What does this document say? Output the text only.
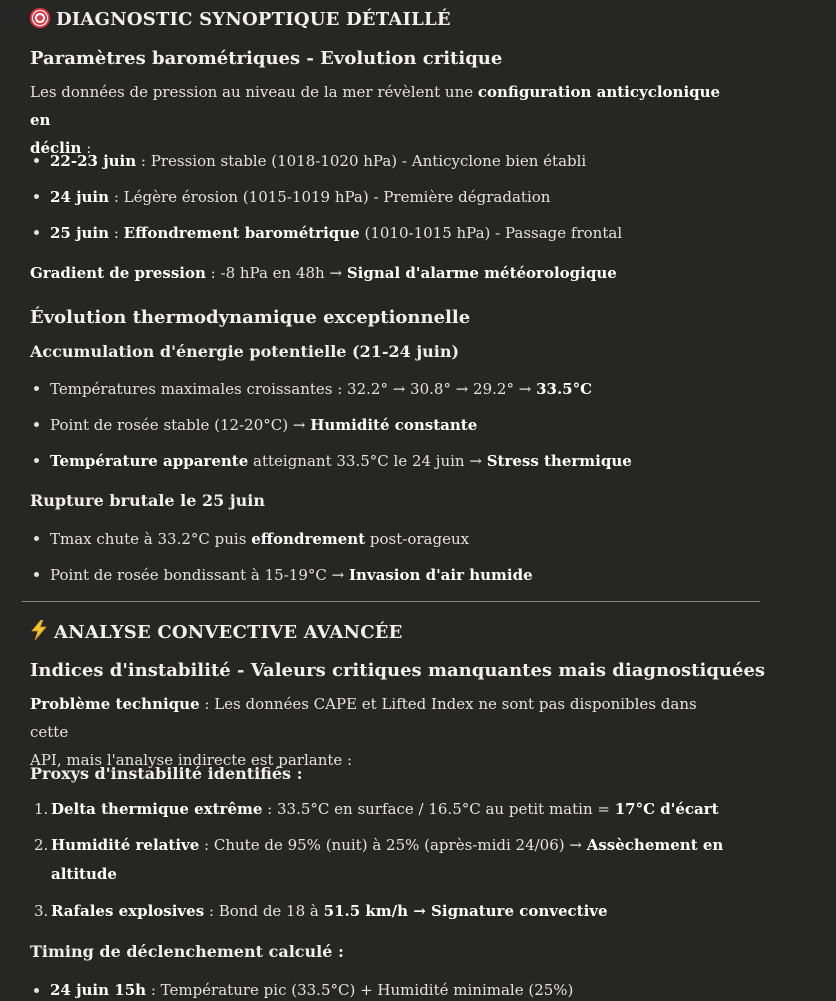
DIAGNOSTIC SYNOPTIQUE DÉTAILLÉ
Paramètres barométriques - Evolution critique

Les données de pression au niveau de la mer révèlent une configuration anticyclonique en
déclin :

22-23 juin : Pression stable (1018-1020 hPa) - Anticyclone bien établi
24 juin : Légère érosion (1015-1019 hPa) - Première dégradation
25 juin : Effondrement barométrique (1010-1015 hPa) - Passage frontal
Gradient de pression : -8 hPa en 48h → Signal d'alarme météorologique
Évolution thermodynamique exceptionnelle
Accumulation d'énergie potentielle (21-24 juin)
Températures maximales croissantes : 32.2° → 30.8° → 29.2° → 33.5°C
Point de rosée stable (12-20°C) → Humidité constante
Température apparente atteignant 33.5°C le 24 juin → Stress thermique
Rupture brutale le 25 juin
Tmax chute à 33.2°C puis effondrement post-orageux
Point de rosée bondissant à 15-19°C → Invasion d'air humide
ANALYSE CONVECTIVE AVANCÉE
Indices d'instabilité - Valeurs critiques manquantes mais diagnostiquées

Problème technique : Les données CAPE et Lifted Index ne sont pas disponibles dans cette
API, mais l'analyse indirecte est parlante :

Proxys d'instabilité identifiés :
1. Delta thermique extrême : 33.5°C en surface / 16.5°C au petit matin = 17°C d'écart
2. Humidité relative : Chute de 95% (nuit) à 25% (après-midi 24/06) → Assèchement en
altitude
3. Rafales explosives : Bond de 18 à 51.5 km/h → Signature convective
Timing de déclenchement calculé :
24 juin 15h : Température pic (33.5°C) + Humidité minimale (25%)
